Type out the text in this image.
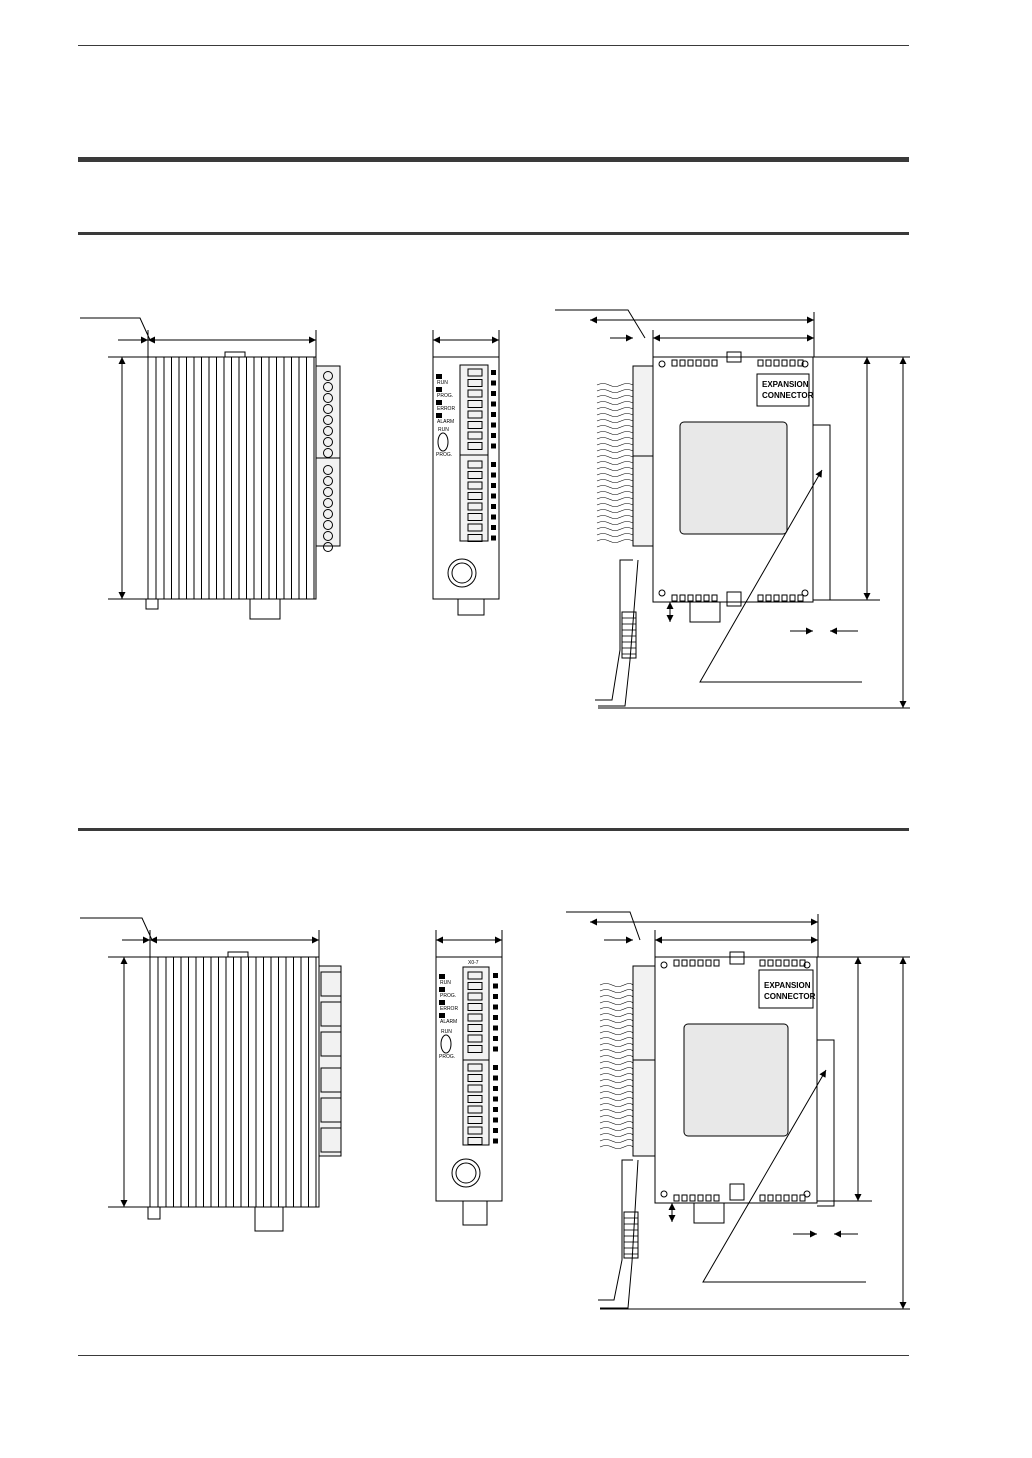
EXPANSION
CONNECTOR
EXPANSION
CONNECTOR
RUN
PROG.
ERROR
ALARM
RUN
PROG.
ERROR
ALARM
RUN
PROG.
RUN
PROG.
X0-7
